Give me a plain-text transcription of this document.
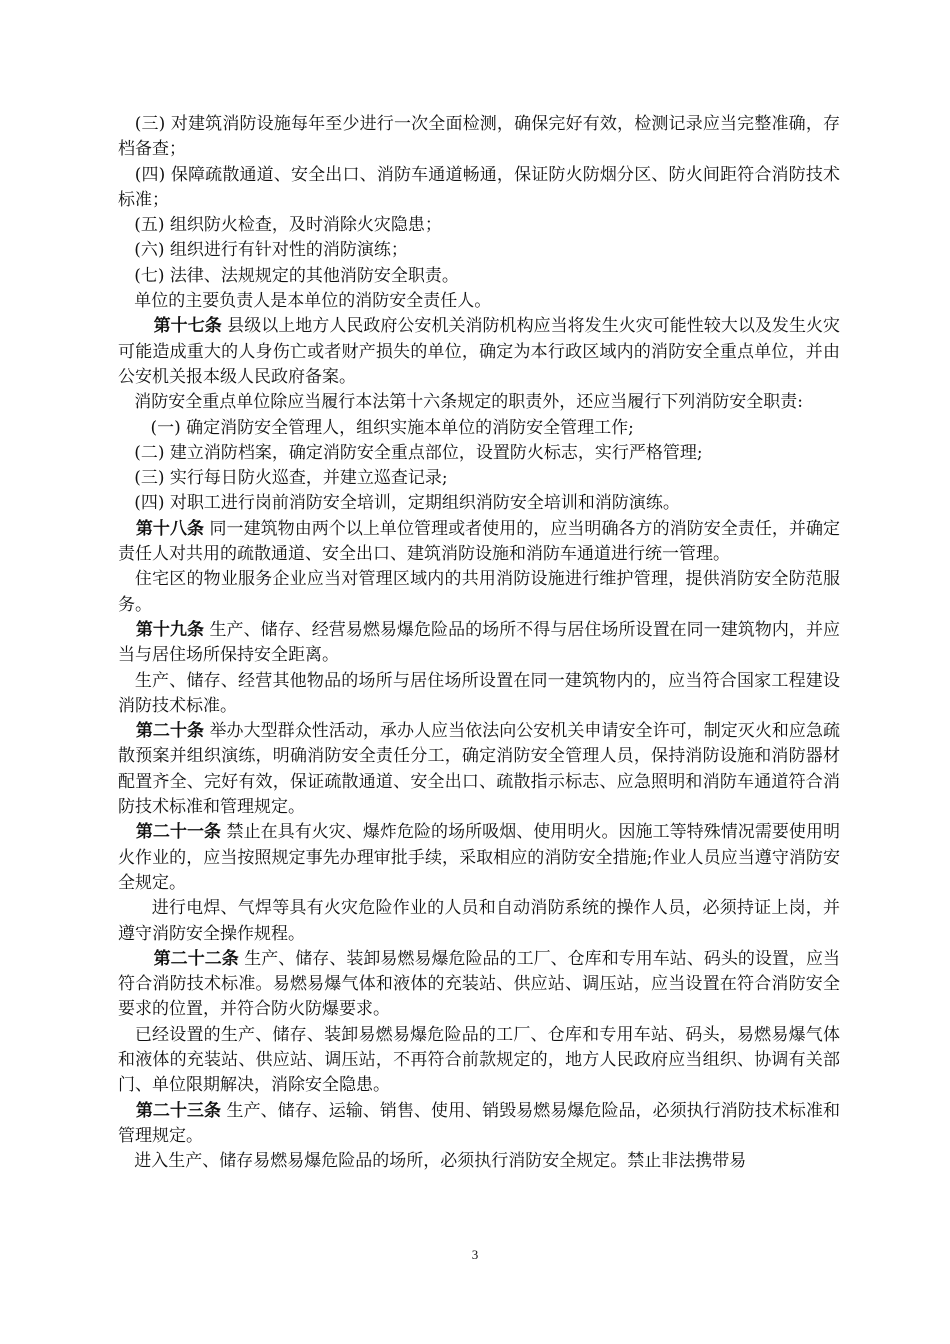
(三) 对建筑消防设施每年至少进行一次全面检测，确保完好有效，检测记录应当完整准确，存档备查；

(四) 保障疏散通道、安全出口、消防车通道畅通，保证防火防烟分区、防火间距符合消防技术标准；

(五) 组织防火检查，及时消除火灾隐患；

(六) 组织进行有针对性的消防演练；

(七) 法律、法规规定的其他消防安全职责。

单位的主要负责人是本单位的消防安全责任人。

第十七条 县级以上地方人民政府公安机关消防机构应当将发生火灾可能性较大以及发生火灾可能造成重大的人身伤亡或者财产损失的单位，确定为本行政区域内的消防安全重点单位，并由公安机关报本级人民政府备案。

消防安全重点单位除应当履行本法第十六条规定的职责外，还应当履行下列消防安全职责:

(一) 确定消防安全管理人，组织实施本单位的消防安全管理工作;

(二) 建立消防档案，确定消防安全重点部位，设置防火标志，实行严格管理;

(三) 实行每日防火巡查，并建立巡查记录;

(四) 对职工进行岗前消防安全培训，定期组织消防安全培训和消防演练。

第十八条 同一建筑物由两个以上单位管理或者使用的，应当明确各方的消防安全责任，并确定责任人对共用的疏散通道、安全出口、建筑消防设施和消防车通道进行统一管理。

住宅区的物业服务企业应当对管理区域内的共用消防设施进行维护管理，提供消防安全防范服务。

第十九条 生产、储存、经营易燃易爆危险品的场所不得与居住场所设置在同一建筑物内，并应当与居住场所保持安全距离。

生产、储存、经营其他物品的场所与居住场所设置在同一建筑物内的，应当符合国家工程建设消防技术标准。

第二十条 举办大型群众性活动，承办人应当依法向公安机关申请安全许可，制定灭火和应急疏散预案并组织演练，明确消防安全责任分工，确定消防安全管理人员，保持消防设施和消防器材配置齐全、完好有效，保证疏散通道、安全出口、疏散指示标志、应急照明和消防车通道符合消防技术标准和管理规定。

第二十一条 禁止在具有火灾、爆炸危险的场所吸烟、使用明火。因施工等特殊情况需要使用明火作业的，应当按照规定事先办理审批手续，采取相应的消防安全措施;作业人员应当遵守消防安全规定。

进行电焊、气焊等具有火灾危险作业的人员和自动消防系统的操作人员，必须持证上岗，并遵守消防安全操作规程。

第二十二条 生产、储存、装卸易燃易爆危险品的工厂、仓库和专用车站、码头的设置，应当符合消防技术标准。易燃易爆气体和液体的充装站、供应站、调压站，应当设置在符合消防安全要求的位置，并符合防火防爆要求。

已经设置的生产、储存、装卸易燃易爆危险品的工厂、仓库和专用车站、码头，易燃易爆气体和液体的充装站、供应站、调压站，不再符合前款规定的，地方人民政府应当组织、协调有关部门、单位限期解决，消除安全隐患。

第二十三条 生产、储存、运输、销售、使用、销毁易燃易爆危险品，必须执行消防技术标准和管理规定。

进入生产、储存易燃易爆危险品的场所，必须执行消防安全规定。禁止非法携带易

3
